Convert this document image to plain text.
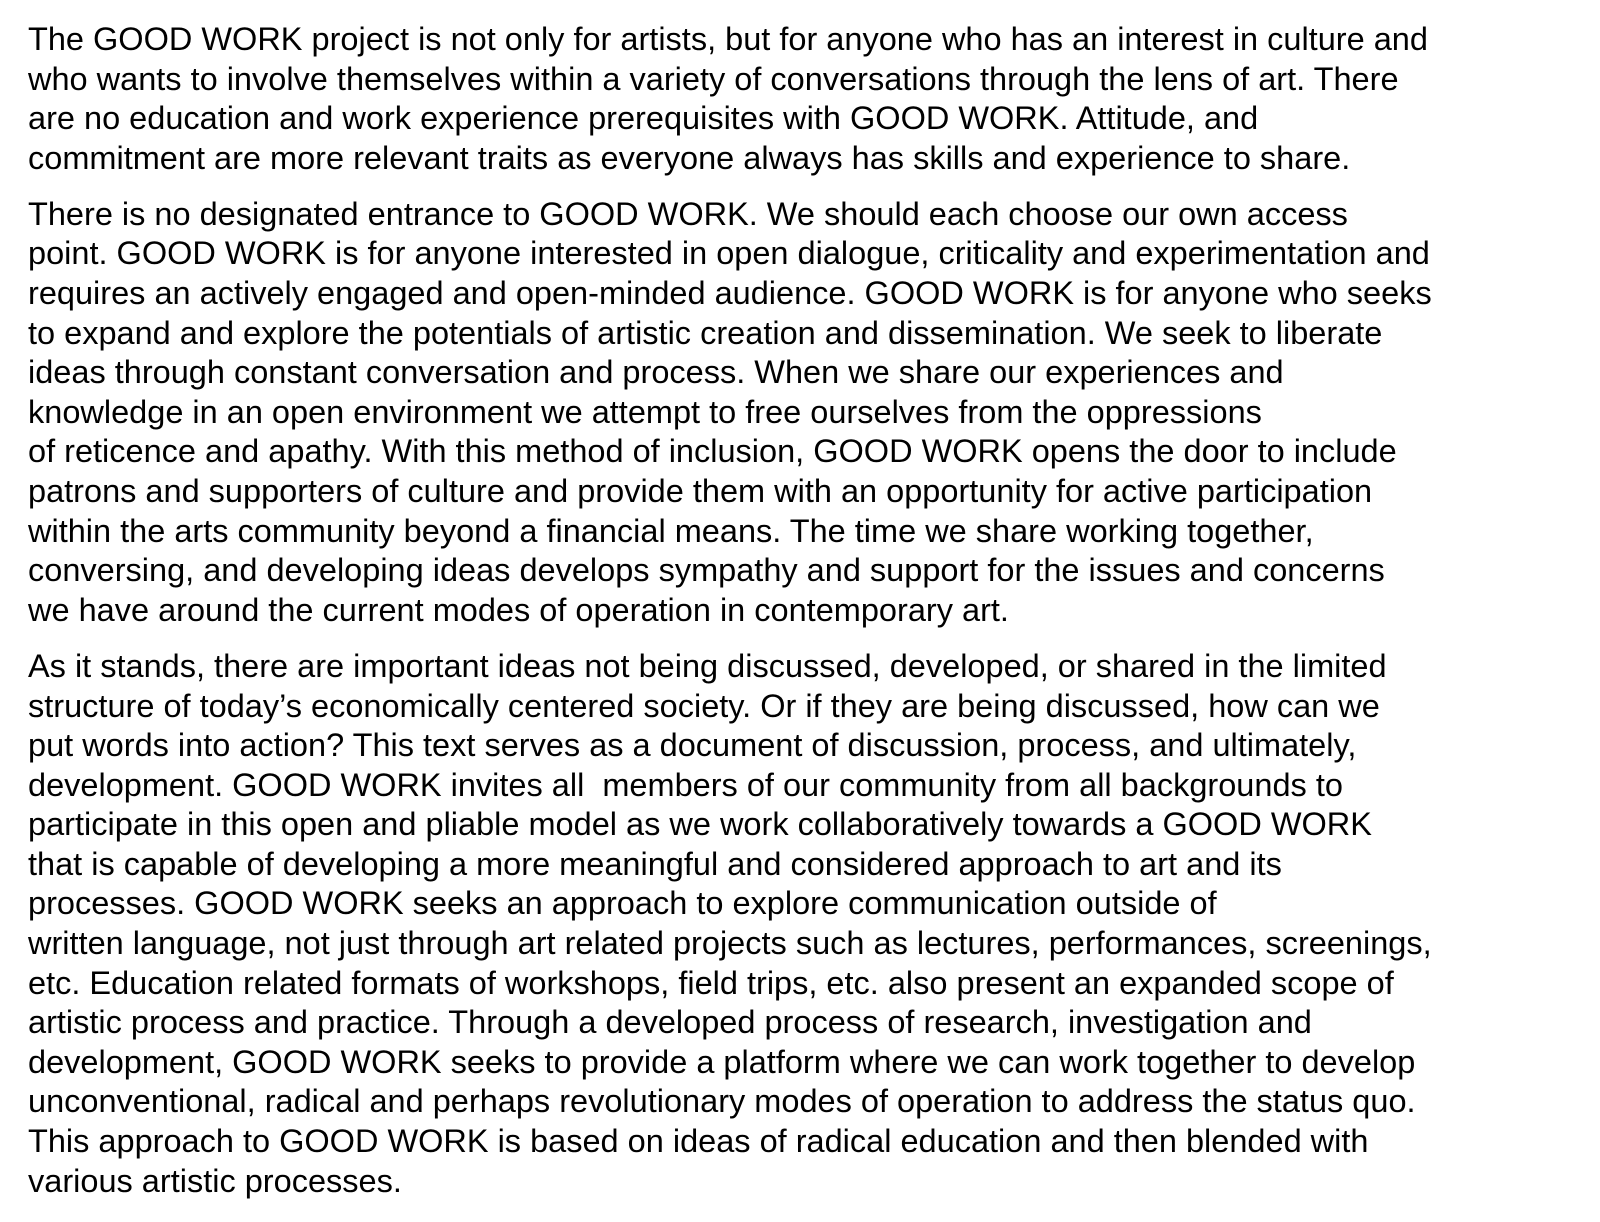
The GOOD WORK project is not only for artists, but for anyone who has an interest in culture and
who wants to involve themselves within a variety of conversations through the lens of art. There
are no education and work experience prerequisites with GOOD WORK. Attitude, and
commitment are more relevant traits as everyone always has skills and experience to share.

There is no designated entrance to GOOD WORK. We should each choose our own access
point. GOOD WORK is for anyone interested in open dialogue, criticality and experimentation and
requires an actively engaged and open-minded audience. GOOD WORK is for anyone who seeks
to expand and explore the potentials of artistic creation and dissemination. We seek to liberate
ideas through constant conversation and process. When we share our experiences and
knowledge in an open environment we attempt to free ourselves from the oppressions
of reticence and apathy. With this method of inclusion, GOOD WORK opens the door to include
patrons and supporters of culture and provide them with an opportunity for active participation
within the arts community beyond a financial means. The time we share working together,
conversing, and developing ideas develops sympathy and support for the issues and concerns
we have around the current modes of operation in contemporary art.

As it stands, there are important ideas not being discussed, developed, or shared in the limited
structure of today’s economically centered society. Or if they are being discussed, how can we
put words into action? This text serves as a document of discussion, process, and ultimately,
development. GOOD WORK invites all  members of our community from all backgrounds to
participate in this open and pliable model as we work collaboratively towards a GOOD WORK
that is capable of developing a more meaningful and considered approach to art and its
processes. GOOD WORK seeks an approach to explore communication outside of
written language, not just through art related projects such as lectures, performances, screenings,
etc. Education related formats of workshops, field trips, etc. also present an expanded scope of
artistic process and practice. Through a developed process of research, investigation and
development, GOOD WORK seeks to provide a platform where we can work together to develop
unconventional, radical and perhaps revolutionary modes of operation to address the status quo.
This approach to GOOD WORK is based on ideas of radical education and then blended with
various artistic processes.
